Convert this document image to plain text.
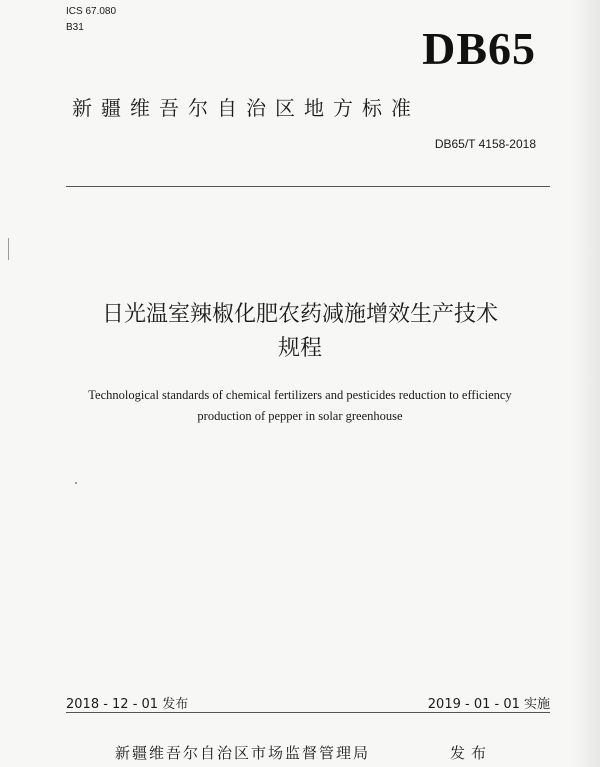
ICS 67.080
B31	DB65
新疆维吾尔自治区地方标准
DB65/T 4158-2018
日光温室辣椒化肥农药减施增效生产技术
规程
Technological standards of chemical fertilizers and pesticides reduction to efficiency
production of pepper in solar greenhouse
2018 - 12 - 01 发布	2019 - 01 - 01 实施
新疆维吾尔自治区市场监督管理局	发布
